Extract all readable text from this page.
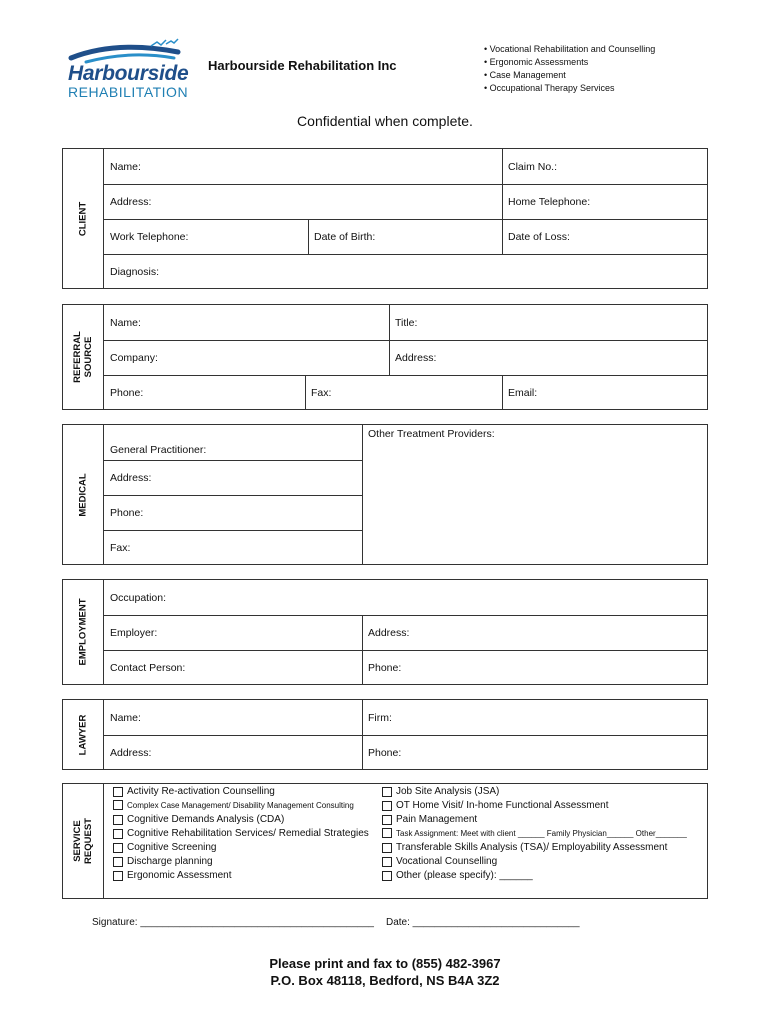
Harbourside
REHABILITATION
Harbourside Rehabilitation Inc
• Vocational Rehabilitation and Counselling
• Ergonomic Assessments
• Case Management
• Occupational Therapy Services
Confidential when complete.
CLIENT
Name:	Claim No.:
Address:	Home Telephone:
Work Telephone:	Date of Birth:	Date of Loss:
Diagnosis:
REFERRAL SOURCE
Name:	Title:
Company:	Address:
Phone:	Fax:	Email:
MEDICAL
General Practitioner:
Other Treatment Providers:
Address:
Phone:
Fax:
EMPLOYMENT
Occupation:
Employer:	Address:
Contact Person:	Phone:
LAWYER	Name:	Firm:
Address:	Phone:
SERVICE REQUEST
Activity Re-activation Counselling
Complex Case Management/ Disability Management Consulting
Cognitive Demands Analysis (CDA)
Cognitive Rehabilitation Services/ Remedial Strategies
Cognitive Screening
Discharge planning
Ergonomic Assessment
Job Site Analysis (JSA)
OT Home Visit/ In-home Functional Assessment
Pain Management
Task Assignment: Meet with client ______ Family Physician______ Other_______
Transferable Skills Analysis (TSA)/ Employability Assessment
Vocational Counselling
Other (please specify): ______
Signature: __________________________________________ Date: ______________________________
Please print and fax to (855) 482-3967
P.O. Box 48118, Bedford, NS B4A 3Z2
